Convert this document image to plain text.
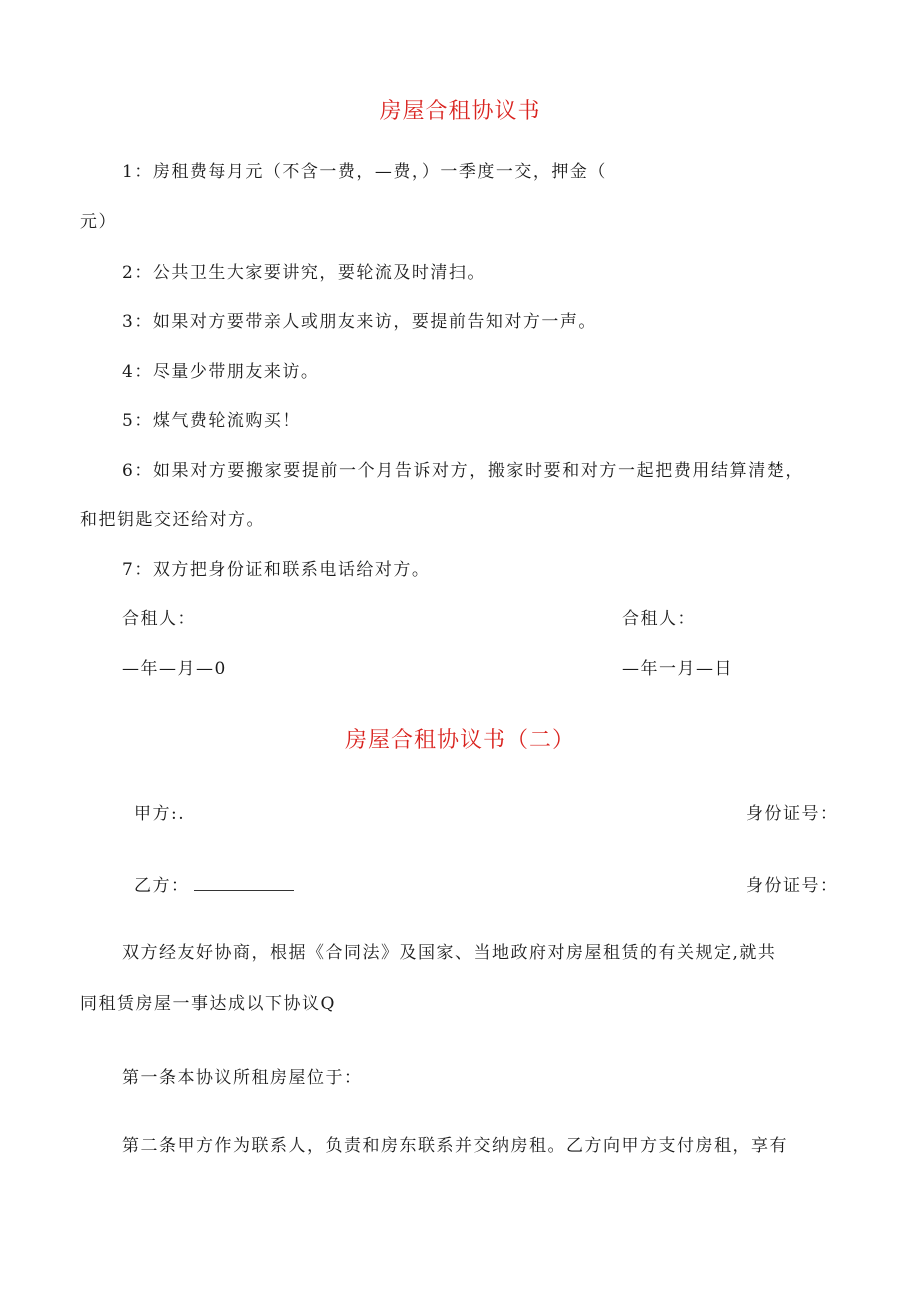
房屋合租协议书
1：房租费每月元（不含一费，—费，）一季度一交，押金（
元）
2：公共卫生大家要讲究，要轮流及时清扫。
3：如果对方要带亲人或朋友来访，要提前告知对方一声。
4：尽量少带朋友来访。
5：煤气费轮流购买！
6：如果对方要搬家要提前一个月告诉对方，搬家时要和对方一起把费用结算清楚，
和把钥匙交还给对方。
7：双方把身份证和联系电话给对方。
合租人：	合租人：
—年—月—0	—年一月—日
房屋合租协议书（二）
甲方:.	身份证号：
乙方：	身份证号：
双方经友好协商，根据《合同法》及国家、当地政府对房屋租赁的有关规定,就共
同租赁房屋一事达成以下协议Q
第一条本协议所租房屋位于：
第二条甲方作为联系人，负责和房东联系并交纳房租。乙方向甲方支付房租，享有
